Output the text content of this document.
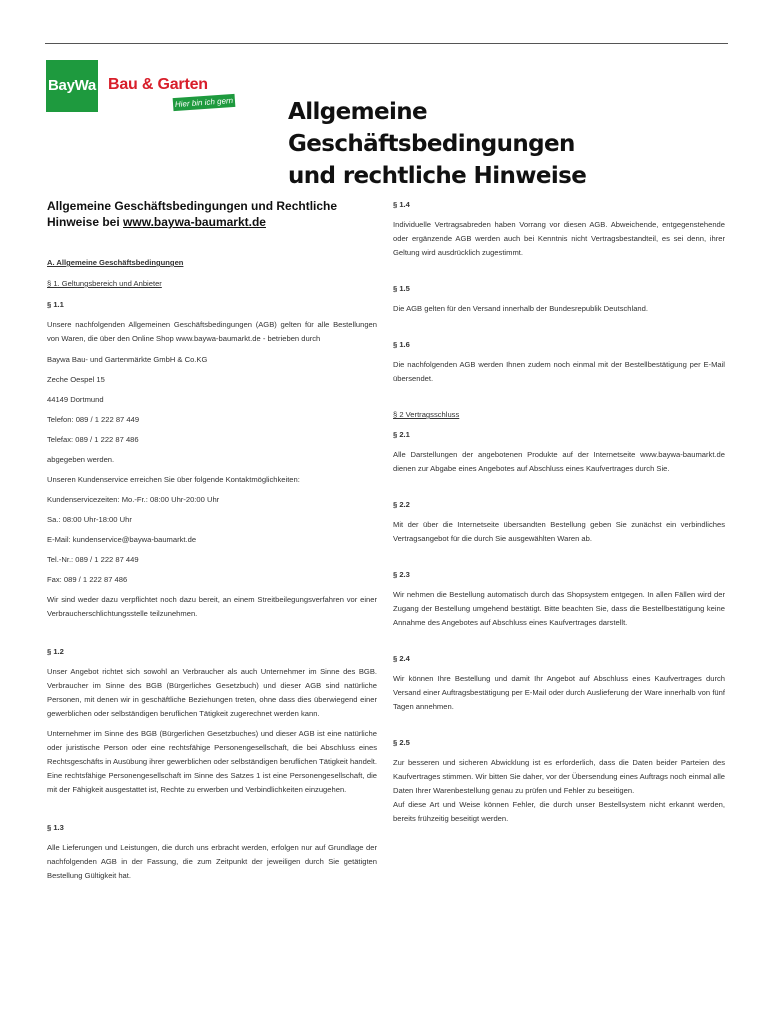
BayWa Bau & Garten
Hier bin ich gern Allgemeine Geschäftsbedingungen
und rechtliche Hinweise
Allgemeine Geschäftsbedingungen und Rechtliche
Hinweise bei www.baywa-baumarkt.de

A. Allgemeine Geschäftsbedingungen

§ 1. Geltungsbereich und Anbieter

§ 1.1

Unsere nachfolgenden Allgemeinen Geschäftsbedingungen (AGB) gelten für alle Bestellungen von Waren, die über den Online Shop www.baywa-baumarkt.de - betrieben durch

Baywa Bau- und Gartenmärkte GmbH & Co.KG

Zeche Oespel 15

44149 Dortmund

Telefon: 089 / 1 222 87 449

Telefax: 089 / 1 222 87 486

abgegeben werden.

Unseren Kundenservice erreichen Sie über folgende Kontaktmöglichkeiten:

Kundenservicezeiten: Mo.-Fr.: 08:00 Uhr-20:00 Uhr

Sa.: 08:00 Uhr-18:00 Uhr

E-Mail: kundenservice@baywa-baumarkt.de

Tel.-Nr.: 089 / 1 222 87 449

Fax: 089 / 1 222 87 486

Wir sind weder dazu verpflichtet noch dazu bereit, an einem Streitbeilegungsverfahren vor einer Verbraucherschlichtungsstelle teilzunehmen.

§ 1.2

Unser Angebot richtet sich sowohl an Verbraucher als auch Unternehmer im Sinne des BGB. Verbraucher im Sinne des BGB (Bürgerliches Gesetzbuch) und dieser AGB sind natürliche Personen, mit denen wir in geschäftliche Beziehungen treten, ohne dass dies überwiegend einer gewerblichen oder selbständigen beruflichen Tätigkeit zugerechnet werden kann.

Unternehmer im Sinne des BGB (Bürgerlichen Gesetzbuches) und dieser AGB ist eine natürliche oder juristische Person oder eine rechtsfähige Personengesellschaft, die bei Abschluss eines Rechtsgeschäfts in Ausübung ihrer gewerblichen oder selbständigen beruflichen Tätigkeit handelt. Eine rechtsfähige Personengesellschaft im Sinne des Satzes 1 ist eine Personengesellschaft, die mit der Fähigkeit ausgestattet ist, Rechte zu erwerben und Verbindlichkeiten einzugehen.

§ 1.3

Alle Lieferungen und Leistungen, die durch uns erbracht werden, erfolgen nur auf Grundlage der nachfolgenden AGB in der Fassung, die zum Zeitpunkt der jeweiligen durch Sie getätigten Bestellung Gültigkeit hat.

§ 1.4

Individuelle Vertragsabreden haben Vorrang vor diesen AGB. Abweichende, entgegenstehende oder ergänzende AGB werden auch bei Kenntnis nicht Vertragsbestandteil, es sei denn, ihrer Geltung wird ausdrücklich zugestimmt.

§ 1.5

Die AGB gelten für den Versand innerhalb der Bundesrepublik Deutschland.

§ 1.6

Die nachfolgenden AGB werden Ihnen zudem noch einmal mit der Bestellbestätigung per E-Mail übersendet.

§ 2 Vertragsschluss

§ 2.1

Alle Darstellungen der angebotenen Produkte auf der Internetseite www.baywa-baumarkt.de dienen zur Abgabe eines Angebotes auf Abschluss eines Kaufvertrages durch Sie.

§ 2.2

Mit der über die Internetseite übersandten Bestellung geben Sie zunächst ein verbindliches Vertragsangebot für die durch Sie ausgewählten Waren ab.

§ 2.3

Wir nehmen die Bestellung automatisch durch das Shopsystem entgegen. In allen Fällen wird der Zugang der Bestellung umgehend bestätigt. Bitte beachten Sie, dass die Bestellbestätigung keine Annahme des Angebotes auf Abschluss eines Kaufvertrages darstellt.

§ 2.4

Wir können Ihre Bestellung und damit Ihr Angebot auf Abschluss eines Kaufvertrages durch Versand einer Auftragsbestätigung per E-Mail oder durch Auslieferung der Ware innerhalb von fünf Tagen annehmen.

§ 2.5

Zur besseren und sicheren Abwicklung ist es erforderlich, dass die Daten beider Parteien des Kaufvertrages stimmen. Wir bitten Sie daher, vor der Übersendung eines Auftrags noch einmal alle Daten Ihrer Warenbestellung genau zu prüfen und Fehler zu beseitigen.

Auf diese Art und Weise können Fehler, die durch unser Bestellsystem nicht erkannt werden, bereits frühzeitig beseitigt werden.
